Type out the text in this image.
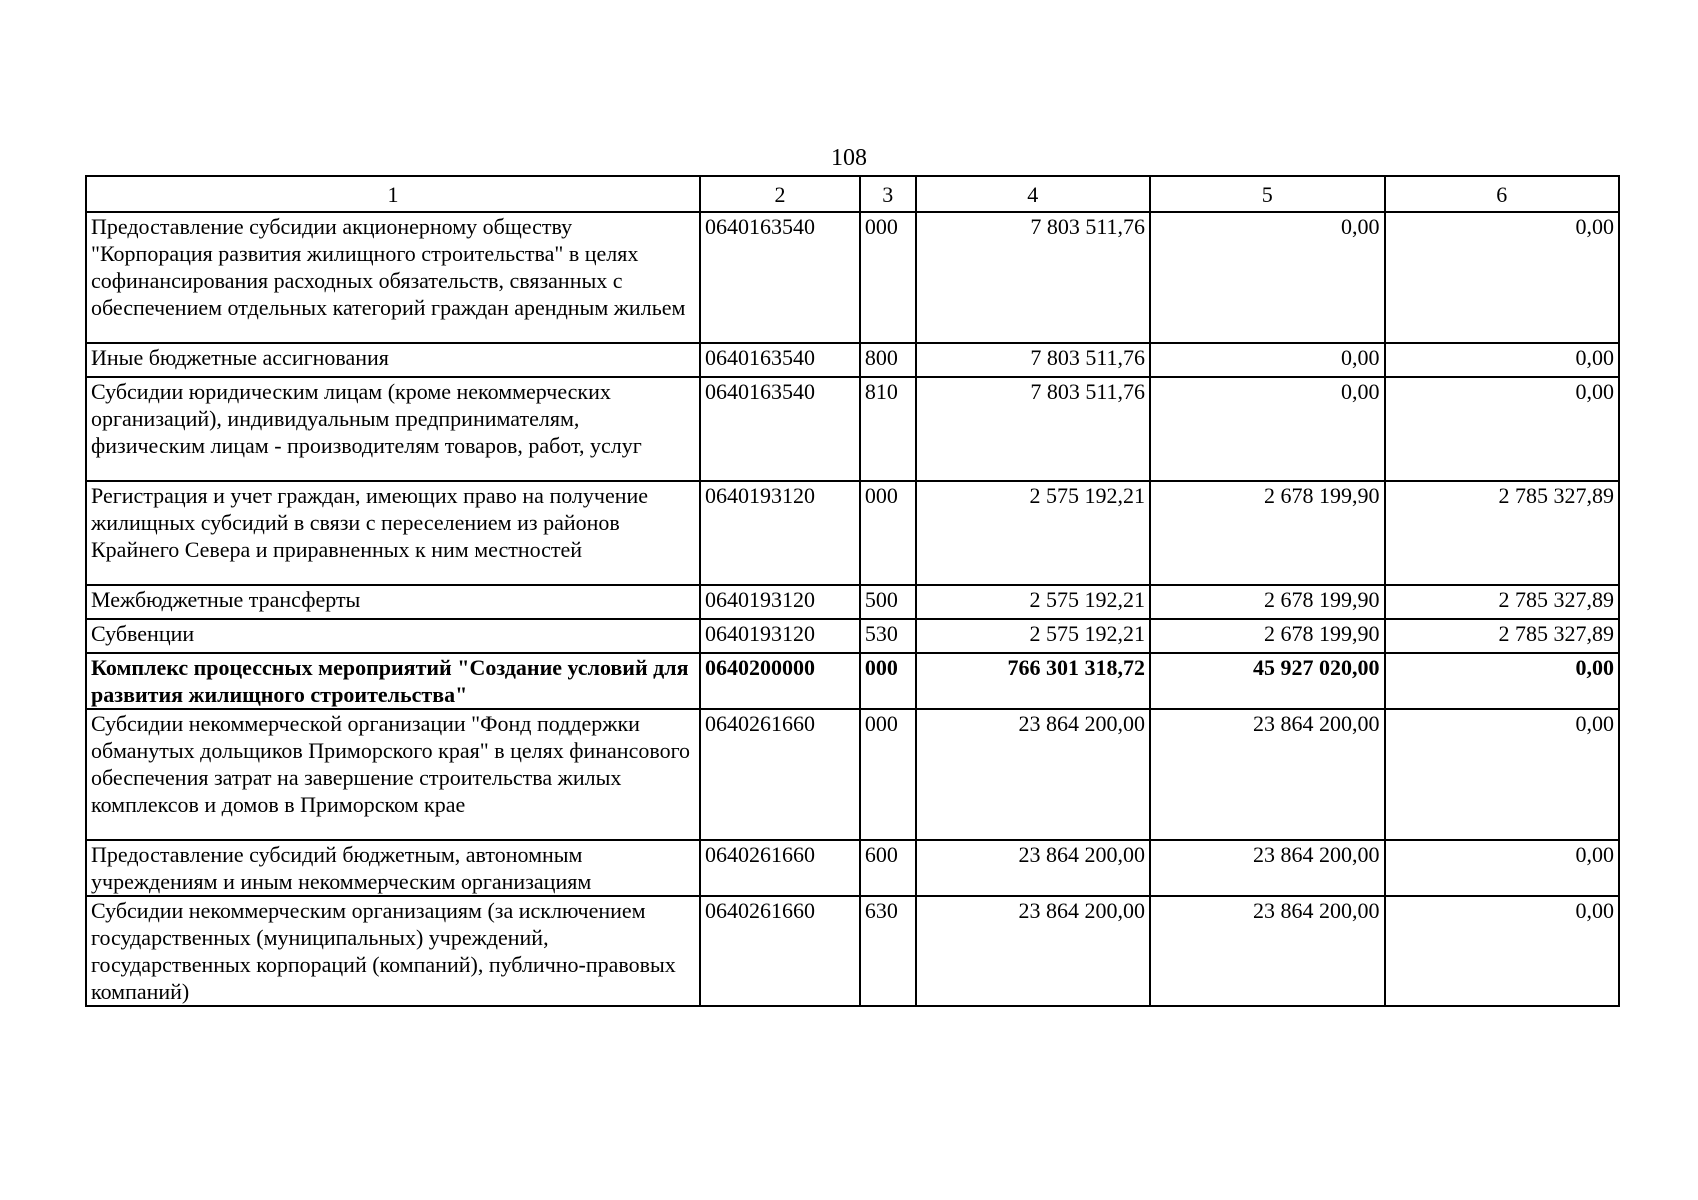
108
1	2	3	4	5	6
Предоставление субсидии акционерному обществу "Корпорация развития жилищного строительства" в целях софинансирования расходных обязательств, связанных с обеспечением отдельных категорий граждан арендным жильем	0640163540	000	7 803 511,76	0,00	0,00
Иные бюджетные ассигнования	0640163540	800	7 803 511,76	0,00	0,00
Субсидии юридическим лицам (кроме некоммерческих организаций), индивидуальным предпринимателям, физическим лицам - производителям товаров, работ, услуг	0640163540	810	7 803 511,76	0,00	0,00
Регистрация и учет граждан, имеющих право на получение жилищных субсидий в связи с переселением из районов Крайнего Севера и приравненных к ним местностей	0640193120	000	2 575 192,21	2 678 199,90	2 785 327,89
Межбюджетные трансферты	0640193120	500	2 575 192,21	2 678 199,90	2 785 327,89
Субвенции	0640193120	530	2 575 192,21	2 678 199,90	2 785 327,89
Комплекс процессных мероприятий "Создание условий для развития жилищного строительства"	0640200000	000	766 301 318,72	45 927 020,00	0,00
Субсидии некоммерческой организации "Фонд поддержки обманутых дольщиков Приморского края" в целях финансового обеспечения затрат на завершение строительства жилых комплексов и домов в Приморском крае	0640261660	000	23 864 200,00	23 864 200,00	0,00
Предоставление субсидий бюджетным, автономным учреждениям и иным некоммерческим организациям	0640261660	600	23 864 200,00	23 864 200,00	0,00
Субсидии некоммерческим организациям (за исключением государственных (муниципальных) учреждений, государственных корпораций (компаний), публично-правовых компаний)	0640261660	630	23 864 200,00	23 864 200,00	0,00
